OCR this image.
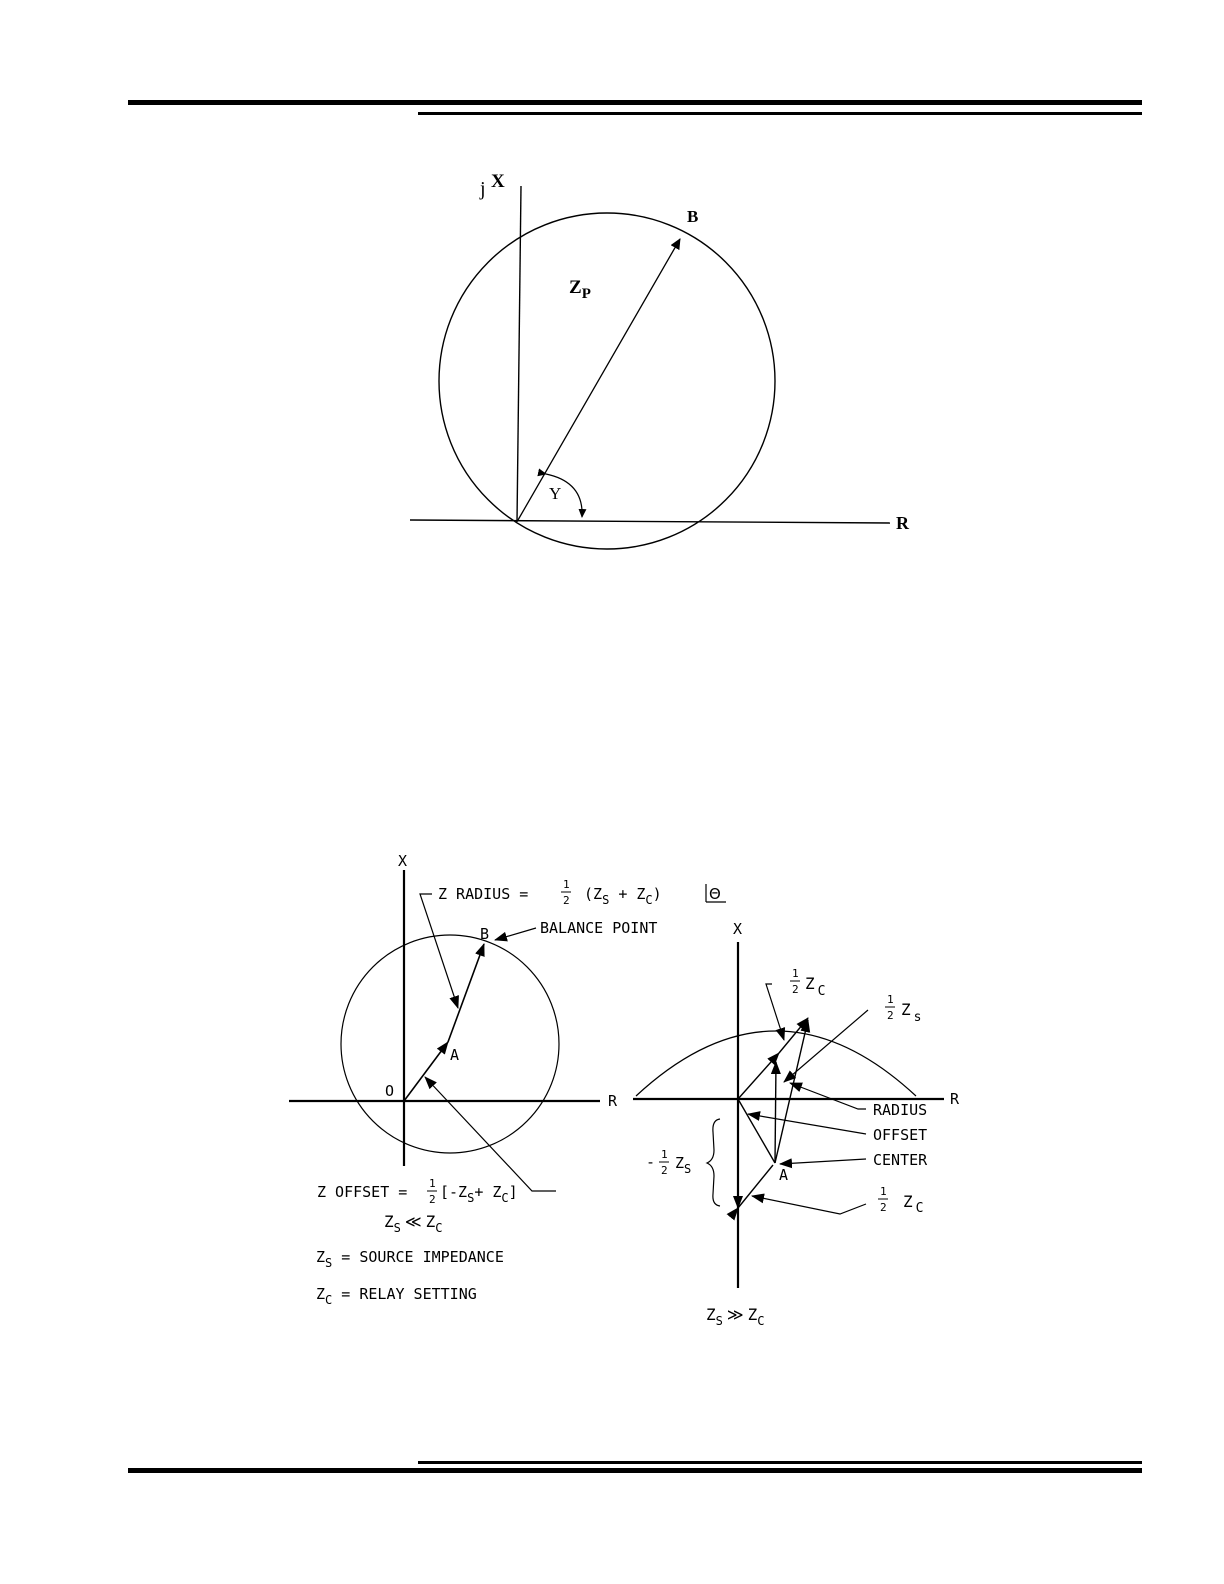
j X
R
B
$Z_P$
Υ
X
R
O
A
B
Z RADIUS =
1
2 $(Z_S + Z_C)$	Θ
BALANCE POINT
Z OFFSET = 1
2 $[-Z_S+ Z_C]$
$Z_S$ ≪ $Z_C$
$Z_S$ = SOURCE IMPEDANCE
$Z_C$ = RELAY SETTING
X
R
A
1
2 Z $_C$
1
2 Z $_s$
RADIUS
OFFSET
CENTER
- 1
2 $Z_S$
1
2 Z $_C$
$Z_S$ ≫ $Z_C$
